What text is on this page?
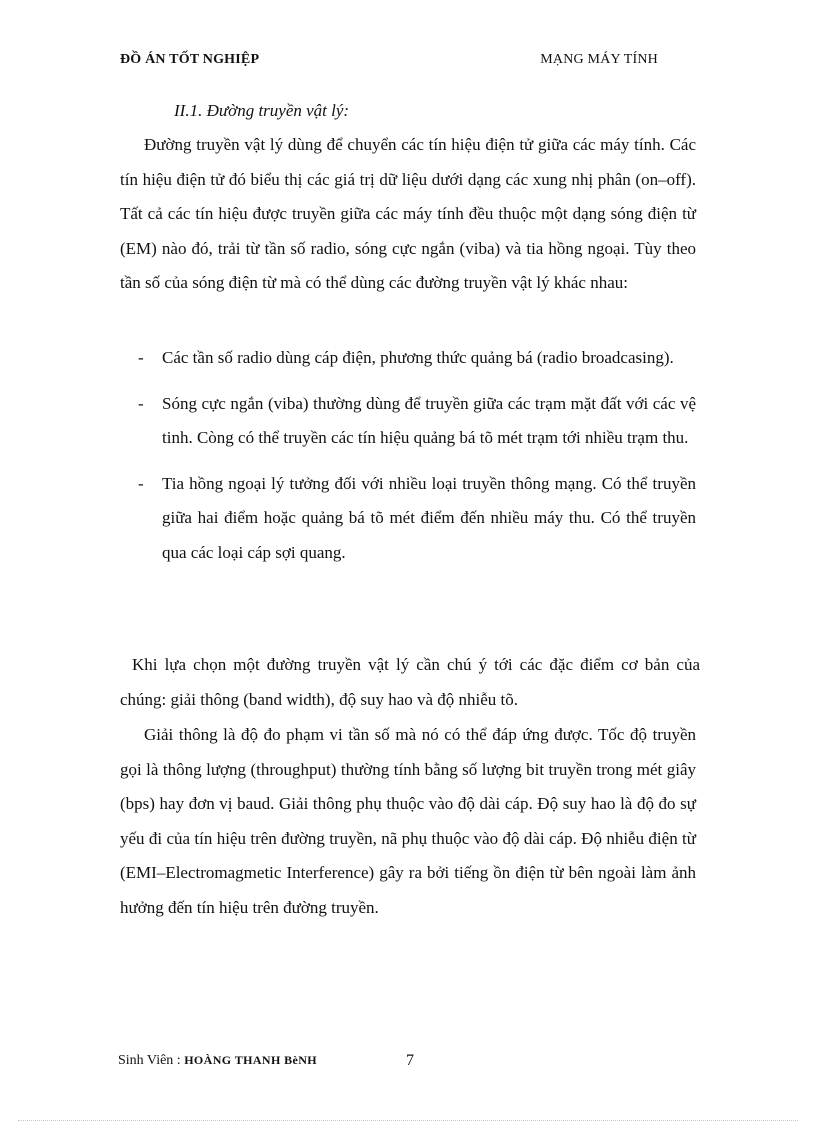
ĐỒ ÁN TỐT NGHIỆP	MẠNG MÁY TÍNH
II.1. Đường truyền vật lý:

Đường truyền vật lý dùng để chuyển các tín hiệu điện tử giữa các máy tính. Các tín hiệu điện tử đó biểu thị các giá trị dữ liệu dưới dạng các xung nhị phân (on–off). Tất cả các tín hiệu được truyền giữa các máy tính đều thuộc một dạng sóng điện từ (EM) nào đó, trải từ tần số radio, sóng cực ngắn (viba) và tia hồng ngoại. Tùy theo tần số của sóng điện từ mà có thể dùng các đường truyền vật lý khác nhau:

- Các tần số radio dùng cáp điện, phương thức quảng bá (radio broadcasing).
- Sóng cực ngắn (viba) thường dùng để truyền giữa các trạm mặt đất với các vệ tinh. Còng có thể truyền các tín hiệu quảng bá tõ mét trạm tới nhiều trạm thu.
- Tia hồng ngoại lý tưởng đối với nhiều loại truyền thông mạng. Có thể truyền giữa hai điểm hoặc quảng bá tõ mét điểm đến nhiều máy thu. Có thể truyền qua các loại cáp sợi quang.

Khi lựa chọn một đường truyền vật lý cần chú ý tới các đặc điểm cơ bản của chúng: giải thông (band width), độ suy hao và độ nhiễu tõ.

Giải thông là độ đo phạm vi tần số mà nó có thể đáp ứng được. Tốc độ truyền gọi là thông lượng (throughput) thường tính bằng số lượng bit truyền trong mét giây (bps) hay đơn vị baud. Giải thông phụ thuộc vào độ dài cáp. Độ suy hao là độ đo sự yếu đi của tín hiệu trên đường truyền, nã phụ thuộc vào độ dài cáp. Độ nhiễu điện từ (EMI–Electromagmetic Interference) gây ra bởi tiếng ồn điện từ bên ngoài làm ảnh hưởng đến tín hiệu trên đường truyền.

Sinh Viên : HOÀNG THANH BèNH	7
